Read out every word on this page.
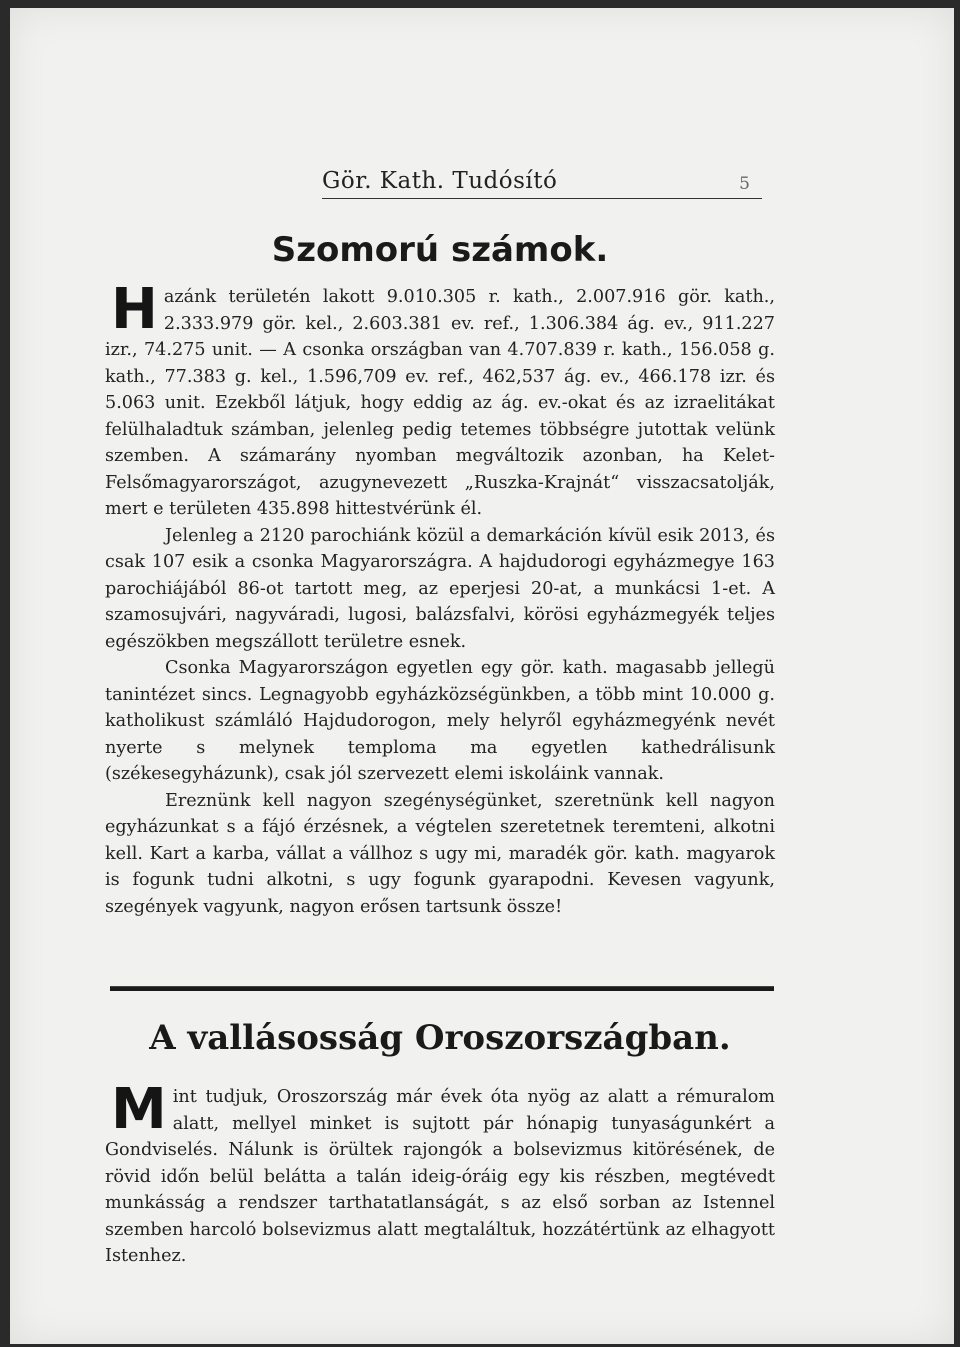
Gör. Kath. Tudósító	5
Szomorú számok.

Hazánk területén lakott 9.010.305 r. kath., 2.007.916 gör. kath., 2.333.979 gör. kel., 2.603.381 ev. ref., 1.306.384 ág. ev., 911.227 izr., 74.275 unit. — A csonka országban van 4.707.839 r. kath., 156.058 g. kath., 77.383 g. kel., 1.596,709 ev. ref., 462,537 ág. ev., 466.178 izr. és 5.063 unit. Ezekből látjuk, hogy eddig az ág. ev.-okat és az izraelitákat felülhaladtuk számban, jelenleg pedig tetemes többségre jutottak velünk szemben. A számarány nyomban megváltozik azonban, ha Kelet-Felsőmagyarországot, azugynevezett „Ruszka-Krajnát“ visszacsatolják, mert e területen 435.898 hittestvérünk él.

Jelenleg a 2120 parochiánk közül a demarkáción kívül esik 2013, és csak 107 esik a csonka Magyarországra. A hajdudorogi egyházmegye 163 parochiájából 86-ot tartott meg, az eperjesi 20-at, a munkácsi 1-et. A szamosujvári, nagyváradi, lugosi, balázsfalvi, körösi egyházmegyék teljes egészökben megszállott területre esnek.

Csonka Magyarországon egyetlen egy gör. kath. magasabb jellegü tanintézet sincs. Legnagyobb egyházközségünkben, a több mint 10.000 g. katholikust számláló Hajdudorogon, mely helyről egyházmegyénk nevét nyerte s melynek temploma ma egyetlen kathedrálisunk (székesegyházunk), csak jól szervezett elemi iskoláink vannak.

Ereznünk kell nagyon szegénységünket, szeretnünk kell nagyon egyházunkat s a fájó érzésnek, a végtelen szeretetnek teremteni, alkotni kell. Kart a karba, vállat a vállhoz s ugy mi, maradék gör. kath. magyarok is fogunk tudni alkotni, s ugy fogunk gyarapodni. Kevesen vagyunk, szegények vagyunk, nagyon erősen tartsunk össze!

A vallásosság Oroszországban.

Mint tudjuk, Oroszország már évek óta nyög az alatt a rémuralom alatt, mellyel minket is sujtott pár hónapig tunyaságunkért a Gondviselés. Nálunk is örültek rajongók a bolsevizmus kitörésének, de rövid időn belül belátta a talán ideig-óráig egy kis részben, megtévedt munkásság a rendszer tarthatatlanságát, s az első sorban az Istennel szemben harcoló bolsevizmus alatt megtaláltuk, hozzátértünk az elhagyott Istenhez.
